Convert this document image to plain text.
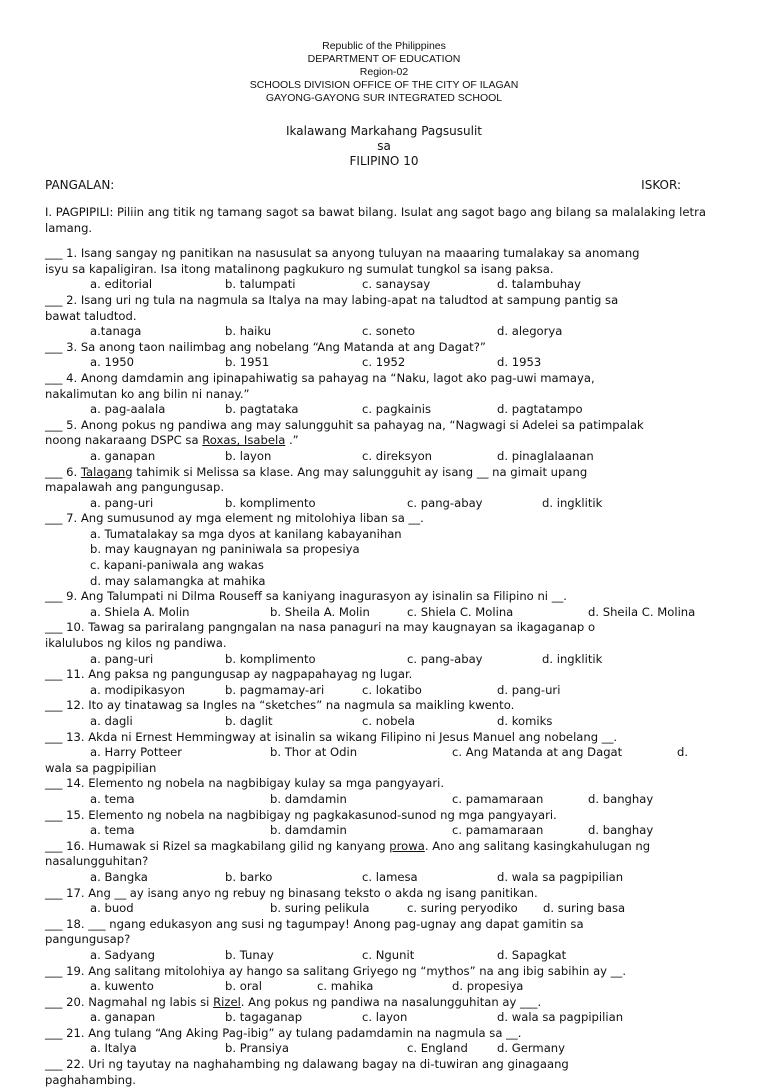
Republic of the Philippines
DEPARTMENT OF EDUCATION
Region-02
SCHOOLS DIVISION OFFICE OF THE CITY OF ILAGAN
GAYONG-GAYONG SUR INTEGRATED SCHOOL
Ikalawang Markahang Pagsusulit
sa
FILIPINO 10
PANGALAN:	ISKOR:

I. PAGPIPILI: Piliin ang titik ng tamang sagot sa bawat bilang. Isulat ang sagot bago ang bilang sa malalaking letra lamang.

___ 1. Isang sangay ng panitikan na nasusulat sa anyong tuluyan na maaaring tumalakay sa anomang

isyu sa kapaligiran. Isa itong matalinong pagkukuro ng sumulat tungkol sa isang paksa.

a. editorial	b. talumpati	c. sanaysay	d. talambuhay

___ 2. Isang uri ng tula na nagmula sa Italya na may labing-apat na taludtod at sampung pantig sa

bawat taludtod.

a.tanaga	b. haiku	c. soneto	d. alegorya

___ 3. Sa anong taon nailimbag ang nobelang “Ang Matanda at ang Dagat?”

a. 1950	b. 1951	c. 1952	d. 1953

___ 4. Anong damdamin ang ipinapahiwatig sa pahayag na “Naku, lagot ako pag-uwi mamaya,

nakalimutan ko ang bilin ni nanay.”

a. pag-aalala	b. pagtataka	c. pagkainis	d. pagtatampo

___ 5. Anong pokus ng pandiwa ang may salungguhit sa pahayag na, “Nagwagi si Adelei sa patimpalak

noong nakaraang DSPC sa Roxas, Isabela .”

a. ganapan	b. layon	c. direksyon	d. pinaglalaanan

___ 6. Talagang tahimik si Melissa sa klase. Ang may salungguhit ay isang __ na gimait upang

mapalawah ang pangungusap.

a. pang-uri	b. komplimento	c. pang-abay	d. ingklitik

___ 7. Ang sumusunod ay mga element ng mitolohiya liban sa __.

a. Tumatalakay sa mga dyos at kanilang kabayanihan
b. may kaugnayan ng paniniwala sa propesiya
c. kapani-paniwala ang wakas
d. may salamangka at mahika

___ 9. Ang Talumpati ni Dilma Rouseff sa kaniyang inagurasyon ay isinalin sa Filipino ni __.

a. Shiela A. Molin	b. Sheila A. Molin	c. Shiela C. Molina	d. Sheila C. Molina

___ 10. Tawag sa pariralang pangngalan na nasa panaguri na may kaugnayan sa ikagaganap o

ikalulubos ng kilos ng pandiwa.

a. pang-uri	b. komplimento	c. pang-abay	d. ingklitik

___ 11. Ang paksa ng pangungusap ay nagpapahayag ng lugar.

a. modipikasyon	b. pagmamay-ari	c. lokatibo	d. pang-uri

___ 12. Ito ay tinatawag sa Ingles na “sketches” na nagmula sa maikling kwento.

a. dagli	b. daglit	c. nobela	d. komiks

___ 13. Akda ni Ernest Hemmingway at isinalin sa wikang Filipino ni Jesus Manuel ang nobelang __.

a. Harry Potteer	b. Thor at Odin	c. Ang Matanda at ang Dagat	d.

wala sa pagpipilian

___ 14. Elemento ng nobela na nagbibigay kulay sa mga pangyayari.

a. tema	b. damdamin	c. pamamaraan	d. banghay

___ 15. Elemento ng nobela na nagbibigay ng pagkakasunod-sunod ng mga pangyayari.

a. tema	b. damdamin	c. pamamaraan	d. banghay

___ 16. Humawak si Rizel sa magkabilang gilid ng kanyang prowa. Ano ang salitang kasingkahulugan ng

nasalungguhitan?

a. Bangka	b. barko	c. lamesa	d. wala sa pagpipilian

___ 17. Ang __ ay isang anyo ng rebuy ng binasang teksto o akda ng isang panitikan.

a. buod	b. suring pelikula	c. suring peryodiko d. suring basa

___ 18. ___ ngang edukasyon ang susi ng tagumpay! Anong pag-ugnay ang dapat gamitin sa

pangungusap?

a. Sadyang	b. Tunay	c. Ngunit	d. Sapagkat

___ 19. Ang salitang mitolohiya ay hango sa salitang Griyego ng “mythos” na ang ibig sabihin ay __.

a. kuwento	b. oral	c. mahika	d. propesiya

___ 20. Nagmahal ng labis si Rizel. Ang pokus ng pandiwa na nasalungguhitan ay ___.

a. ganapan	b. tagaganap	c. layon	d. wala sa pagpipilian

___ 21. Ang tulang “Ang Aking Pag-ibig” ay tulang padamdamin na nagmula sa __.

a. Italya	b. Pransiya	c. England	d. Germany

___ 22. Uri ng tayutay na naghahambing ng dalawang bagay na di-tuwiran ang ginagaang

paghahambing.
